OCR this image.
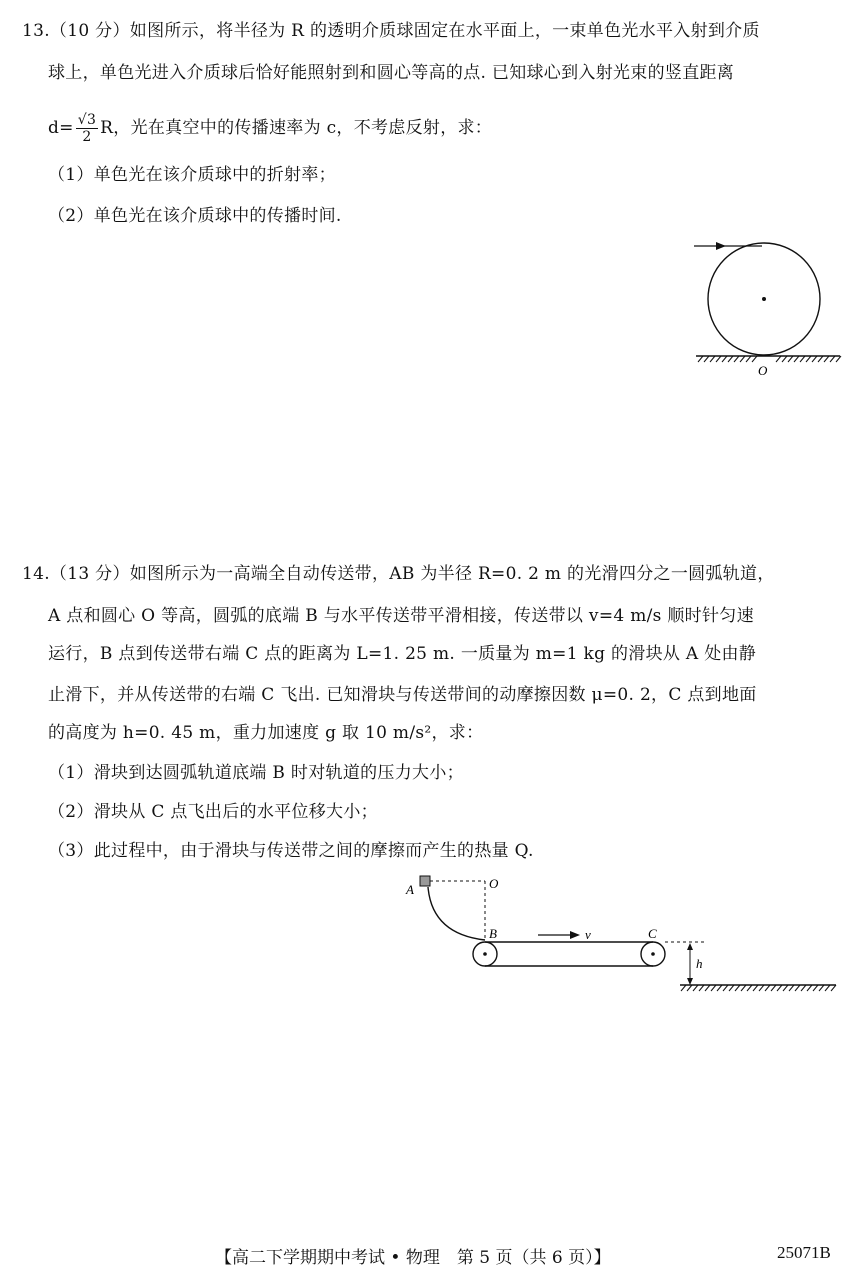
13.（10 分）如图所示，将半径为 R 的透明介质球固定在水平面上，一束单色光水平入射到介质
球上，单色光进入介质球后恰好能照射到和圆心等高的点. 已知球心到入射光束的竖直距离
$d= \frac{√3}{2}$ R，光在真空中的传播速率为 c，不考虑反射，求：
（1）单色光在该介质球中的折射率；
（2）单色光在该介质球中的传播时间.
O
14.（13 分）如图所示为一高端全自动传送带，AB 为半径 R=0. 2 m 的光滑四分之一圆弧轨道，
A 点和圆心 O 等高，圆弧的底端 B 与水平传送带平滑相接，传送带以 v=4 m/s 顺时针匀速
运行，B 点到传送带右端 C 点的距离为 L=1. 25 m. 一质量为 m=1 kg 的滑块从 A 处由静
止滑下，并从传送带的右端 C 飞出. 已知滑块与传送带间的动摩擦因数 μ=0. 2，C 点到地面
的高度为 h=0. 45 m，重力加速度 g 取 10 m/s²，求：
（1）滑块到达圆弧轨道底端 B 时对轨道的压力大小；
（2）滑块从 C 点飞出后的水平位移大小；
（3）此过程中，由于滑块与传送带之间的摩擦而产生的热量 Q.
A	O
B	C
v
h
【高二下学期期中考试 • 物理　第 5 页（共 6 页）】	25071B
